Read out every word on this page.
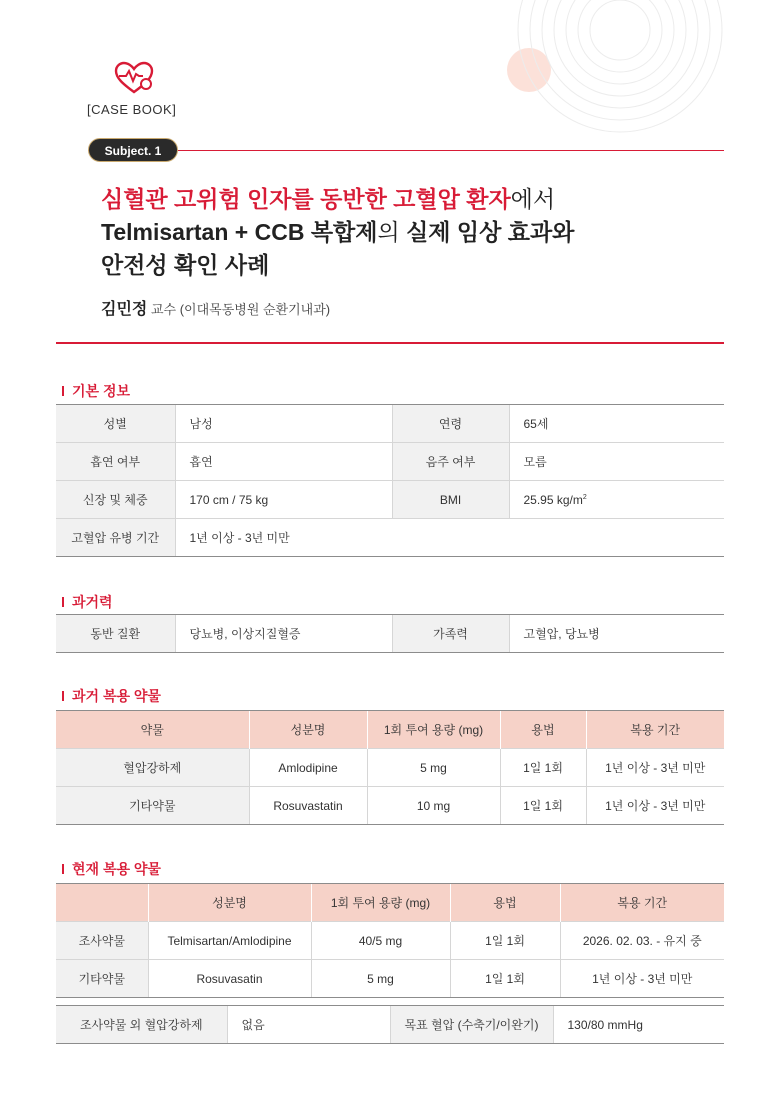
[CASE BOOK]
Subject. 1
심혈관 고위험 인자를 동반한 고혈압 환자에서
Telmisartan + CCB 복합제의 실제 임상 효과와
안전성 확인 사례
김민정 교수 (이대목동병원 순환기내과)
기본 정보
성별	남성	연령	65세
흡연 여부	흡연	음주 여부	모름
신장 및 체중	170 cm / 75 kg	BMI	25.95 $kg/m^2$
고혈압 유병 기간	1년 이상 - 3년 미만		
과거력
동반 질환	당뇨병, 이상지질혈증	가족력	고혈압, 당뇨병
과거 복용 약물
약물	성분명	1회 투여 용량 (mg)	용법	복용 기간
혈압강하제	Amlodipine	5 mg	1일 1회	1년 이상 - 3년 미만
기타약물	Rosuvastatin	10 mg	1일 1회	1년 이상 - 3년 미만
현재 복용 약물
	성분명	1회 투여 용량 (mg)	용법	복용 기간
조사약물	Telmisartan/Amlodipine	40/5 mg	1일 1회	2026. 02. 03. - 유지 중
기타약물	Rosuvasatin	5 mg	1일 1회	1년 이상 - 3년 미만
조사약물 외 혈압강하제	없음	목표 혈압 (수축기/이완기)	130/80 mmHg
